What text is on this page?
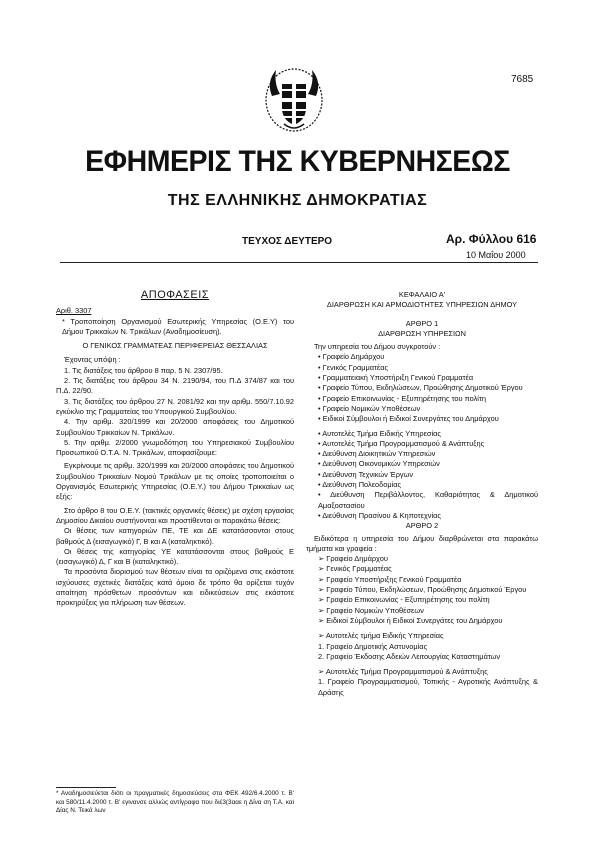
7685
ΕΦΗΜΕΡΙΣ ΤΗΣ ΚΥΒΕΡΝΗΣΕΩΣ
ΤΗΣ ΕΛΛΗΝΙΚΗΣ ΔΗΜΟΚΡΑΤΙΑΣ
ΤΕΥΧΟΣ ΔΕΥΤΕΡΟ	Αρ. Φύλλου 616
10 Μαΐου 2000

ΑΠΟΦΑΣΕΙΣ

Αριθ. 3307

* Τροποποίηση Οργανισμού Εσωτερικής Υπηρεσίας (Ο.Ε.Υ) του Δήμου Τρικκαίων Ν. Τρικάλων (Αναδημοσίευση).

Ο ΓΕΝΙΚΟΣ ΓΡΑΜΜΑΤΕΑΣ ΠΕΡΙΦΕΡΕΙΑΣ ΘΕΣΣΑΛΙΑΣ

Έχοντας υπόψη :

1. Τις διατάξεις του άρθρου 8 παρ. 5 Ν. 2307/95.

2. Τις διατάξεις του άρθρου 34 Ν. 2190/94, του Π.Δ 374/87 και του Π.Δ. 22/90.

3. Τις διατάξεις του άρθρου 27 Ν. 2081/92 και την αριθμ. 550/7.10.92 εγκύκλιο της Γραμματείας του Υπουργικού Συμβουλίου.

4. Την αριθμ. 320/1999 και 20/2000 αποφάσεις του Δημοτικού Συμβουλίου Τρικκαίων Ν. Τρικάλων.

5. Την αριθμ. 2/2000 γνωμοδότηση του Υπηρεσιακού Συμβουλίου Προσωπικού Ο.Τ.Α. Ν. Τρικάλων, αποφασίζουμε:

Εγκρίνουμε τις αριθμ. 320/1999 και 20/2000 αποφάσεις του Δημοτικού Συμβουλίου Τρικκαίων Νομού Τρικάλων με τις οποίες τροποποιείται ο Οργανισμός Εσωτερικής Υπηρεσίας (Ο.Ε.Υ.) του Δήμου Τρικκαίων ως εξής:

Στο άρθρο 8 του Ο.Ε.Υ. (τακτικές οργανικές θέσεις) με σχέση εργασίας Δημοσίου Δικαίου συστήνονται και προστίθενται οι παρακάτω θέσεις:

Οι θέσεις των κατηγοριών ΠΕ, ΤΕ και ΔΕ κατατάσσονται στους βαθμούς Δ (εισαγωγικό) Γ, Β και Α (καταληκτικό).

Οι θέσεις της κατηγορίας ΥΕ κατατάσσονται στους βαθμούς Ε (εισαγωγικό) Δ, Γ και Β (καταληκτικό).

Τα προσόντα διορισμού των θέσεων είναι τα οριζόμενα στις εκάστοτε ισχύουσες σχετικές διατάξεις κατά όμοιο δε τρόπο θα ορίζεται τυχόν απαίτηση πρόσθετων προσόντων και ειδικεύσεων στις εκάστοτε προκηρύξεις για πλήρωση των θέσεων.

* Αναδημοσιεύεται διότι οι πραγματικές δημοσιεύσεις στα ΦΕΚ 492/6.4.2000 τ. Β' και 580/11.4.2000 τ. Β' εγινανσε αλλιώς αντίγραφα που διέ3(3ααε η Δίνα ση Τ.Α. και Δίας Ν. Τεικά λων

ΚΕΦΑΛΑΙΟ Α'

ΔΙΑΡΘΡΩΣΗ ΚΑΙ ΑΡΜΟΔΙΟΤΗΤΕΣ ΥΠΗΡΕΣΙΩΝ ΔΗΜΟΥ

ΑΡΘΡΟ 1

ΔΙΑΡΘΡΩΣΗ ΥΠΗΡΕΣΙΩΝ

Την υπηρεσία του Δήμου συγκροτούν :

• Γραφείο Δημάρχου

• Γενικός Γραμματέας

• Γραμματειακή Υποστήριξη Γενικού Γραμματέα

• Γραφείο Τύπου, Εκδηλώσεων, Προώθησης Δημοτικού Έργου

• Γραφείο Επικοινωνίας - Εξυπηρέτησης του πολίτη

• Γραφείο Νομικών Υποθέσεων

• Ειδικοί Σύμβουλοι ή Ειδικοί Συνεργάτες του Δημάρχου

• Αυτοτελές Τμήμα Ειδικής Υπηρεσίας

• Αυτοτελές Τμήμα Προγραμματισμού & Ανάπτυξης

• Διεύθυνση Διοικητικών Υπηρεσιών

• Διεύθυνση Οικονομικών Υπηρεσιών

• Διεύθυνση Τεχνικών Έργων

• Διεύθυνση Πολεοδομίας

• Διεύθυνση Περιβάλλοντος, Καθαριότητας & Δημοτικού Αμαξοστασίου

• Διεύθυνση Πρασίνου & Κηποτεχνίας

ΑΡΘΡΟ 2

Ειδικότερα η υπηρεσία του Δήμου διαρθρώνεται στα παρακάτω τμήματα και γραφεία :

➢ Γραφείο Δημάρχου

➢ Γενικός Γραμματέας

➢ Γραφείο Υποστήριξης Γενικού Γραμματέα

➢ Γραφείο Τύπου, Εκδηλώσεων, Προώθησης Δημοτικού Έργου

➢ Γραφείο Επικοινωνίας - Εξυπηρέτησης του πολίτη

➢ Γραφείο Νομικών Υποθέσεων

➢ Ειδικοί Σύμβουλοι ή Ειδικοί Συνεργάτες του Δημάρχου

➢ Αυτοτελές τμήμα Ειδικής Υπηρεσίας

1. Γραφείο Δημοτικής Αστυνομίας

2. Γραφείο Έκδοσης Αδειών Λειτουργίας Καταστημάτων

➢ Αυτοτελές Τμήμα Προγραμματισμού & Ανάπτυξης

1. Γραφείο Προγραμματισμού, Τοπικής - Αγροτικής Ανάπτυξης & Δράσης
